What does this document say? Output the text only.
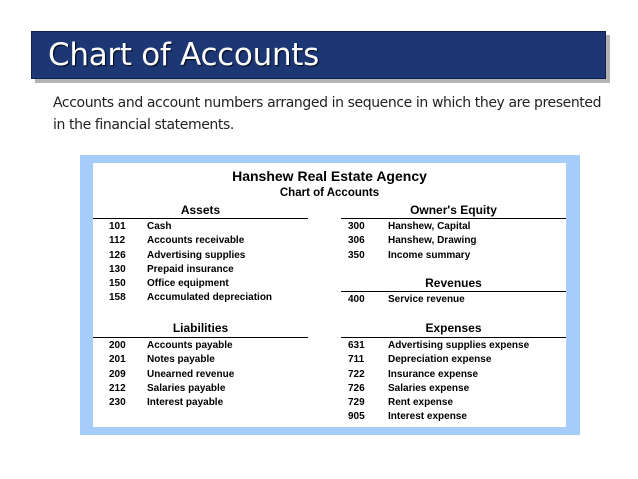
Chart of Accounts
Accounts and account numbers arranged in sequence in which they are presented in the financial statements.
Hanshew Real Estate Agency
Chart of Accounts
Assets
101 Cash
112 Accounts receivable
126 Advertising supplies
130 Prepaid insurance
150 Office equipment
158 Accumulated depreciation
Owner's Equity
300 Hanshew, Capital
306 Hanshew, Drawing
350 Income summary
Revenues
400 Service revenue
Liabilities
200 Accounts payable
201 Notes payable
209 Unearned revenue
212 Salaries payable
230 Interest payable
Expenses
631 Advertising supplies expense
711 Depreciation expense
722 Insurance expense
726 Salaries expense
729 Rent expense
905 Interest expense
